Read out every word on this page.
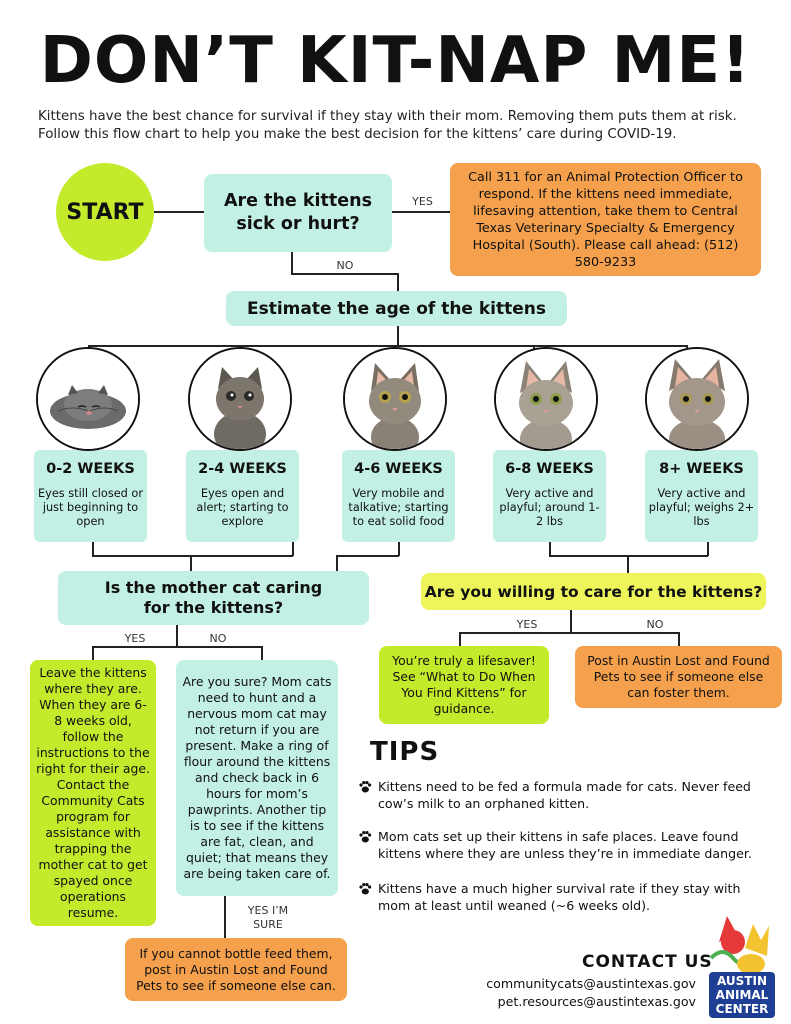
DON’T KIT-NAP ME!
Kittens have the best chance for survival if they stay with their mom. Removing them puts them at risk. Follow this flow chart to help you make the best decision for the kittens’ care during COVID-19.
YES
NO
YES	NO
YES	NO
YES I’M SURE
START	Are the kittens sick or hurt?
Call 311 for an Animal Protection Officer to respond. If the kittens need immediate, lifesaving attention, take them to Central Texas Veterinary Specialty & Emergency Hospital (South). Please call ahead: (512) 580-9233
Estimate the age of the kittens
0-2 WEEKS
Eyes still closed or just beginning to open
2-4 WEEKS
Eyes open and alert; starting to explore
4-6 WEEKS
Very mobile and talkative; starting to eat solid food
6-8 WEEKS
Very active and playful; around 1-2 lbs
8+ WEEKS
Very active and playful; weighs 2+ lbs
Is the mother cat caring for the kittens?
Are you willing to care for the kittens?
Leave the kittens where they are. When they are 6-8 weeks old, follow the instructions to the right for their age. Contact the Community Cats program for assistance with trapping the mother cat to get spayed once operations resume.
Are you sure? Mom cats need to hunt and a nervous mom cat may not return if you are present. Make a ring of flour around the kittens and check back in 6 hours for mom’s pawprints. Another tip is to see if the kittens are fat, clean, and quiet; that means they are being taken care of.
If you cannot bottle feed them, post in Austin Lost and Found Pets to see if someone else can.
You’re truly a lifesaver! See “What to Do When You Find Kittens” for guidance.
Post in Austin Lost and Found Pets to see if someone else can foster them.
TIPS
Kittens need to be fed a formula made for cats. Never feed cow’s milk to an orphaned kitten.
Mom cats set up their kittens in safe places. Leave found kittens where they are unless they’re in immediate danger.
Kittens have a much higher survival rate if they stay with mom at least until weaned (~6 weeks old).
CONTACT US
communitycats@austintexas.gov
pet.resources@austintexas.gov
AUSTIN
ANIMAL
CENTER
